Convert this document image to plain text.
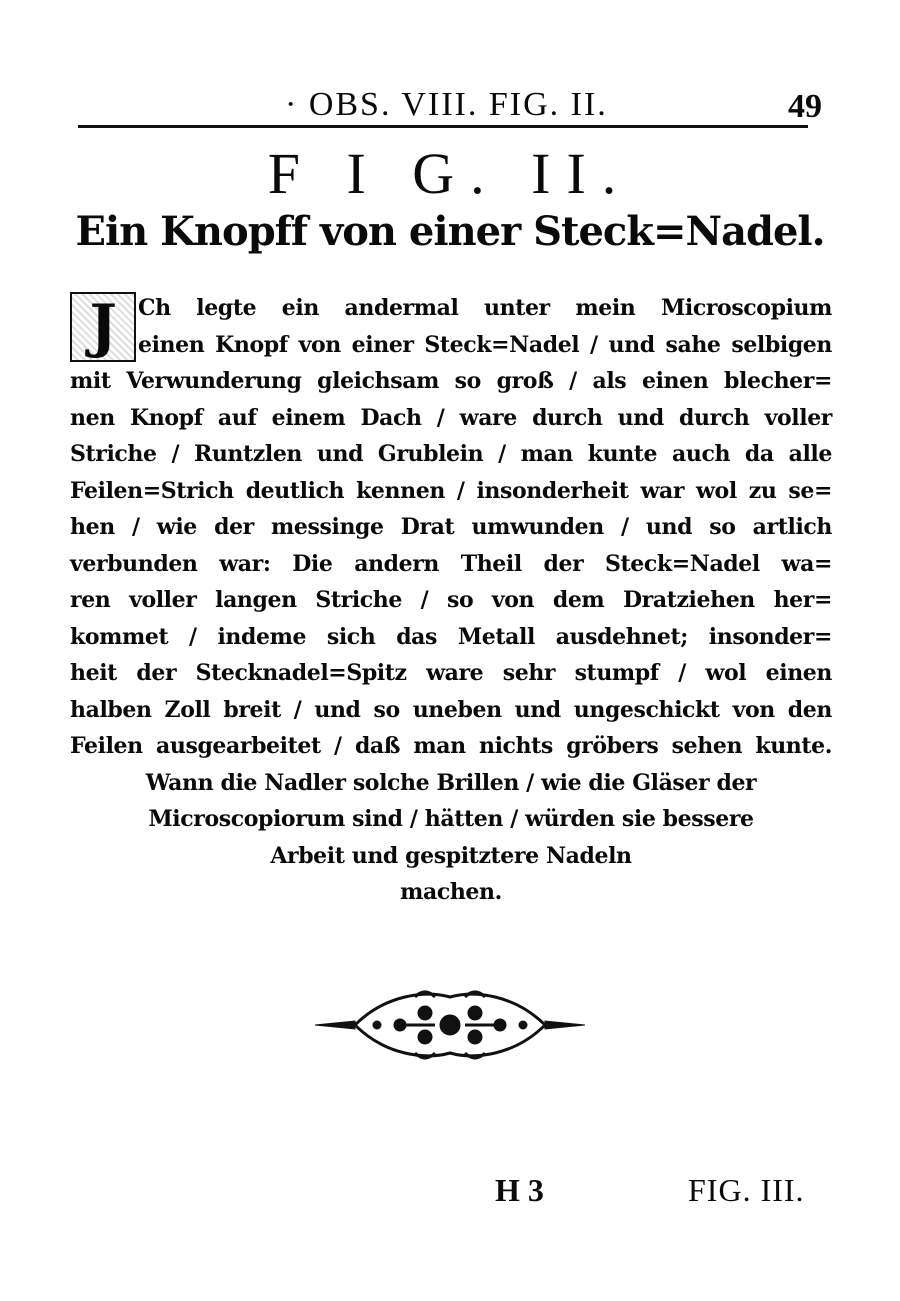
· OBS. VIII. FIG. II.	49
F I G. II.
Ein Knopff von einer Steck=Nadel.
J Ch legte ein andermal unter mein Microscopium
einen Knopf von einer Steck=Nadel / und sahe selbigen
mit Verwunderung gleichsam so groß / als einen blecher=
nen Knopf auf einem Dach / ware durch und durch voller
Striche / Runtzlen und Grublein / man kunte auch da alle
Feilen=Strich deutlich kennen / insonderheit war wol zu se=
hen / wie der messinge Drat umwunden / und so artlich
verbunden war: Die andern Theil der Steck=Nadel wa=
ren voller langen Striche / so von dem Dratziehen her=
kommet / indeme sich das Metall ausdehnet; insonder=
heit der Stecknadel=Spitz ware sehr stumpf / wol einen
halben Zoll breit / und so uneben und ungeschickt von den
Feilen ausgearbeitet / daß man nichts gröbers sehen kunte.
Wann die Nadler solche Brillen / wie die Gläser der
Microscopiorum sind / hätten / würden sie bessere
Arbeit und gespitztere Nadeln
machen.
H 3	FIG. III.
